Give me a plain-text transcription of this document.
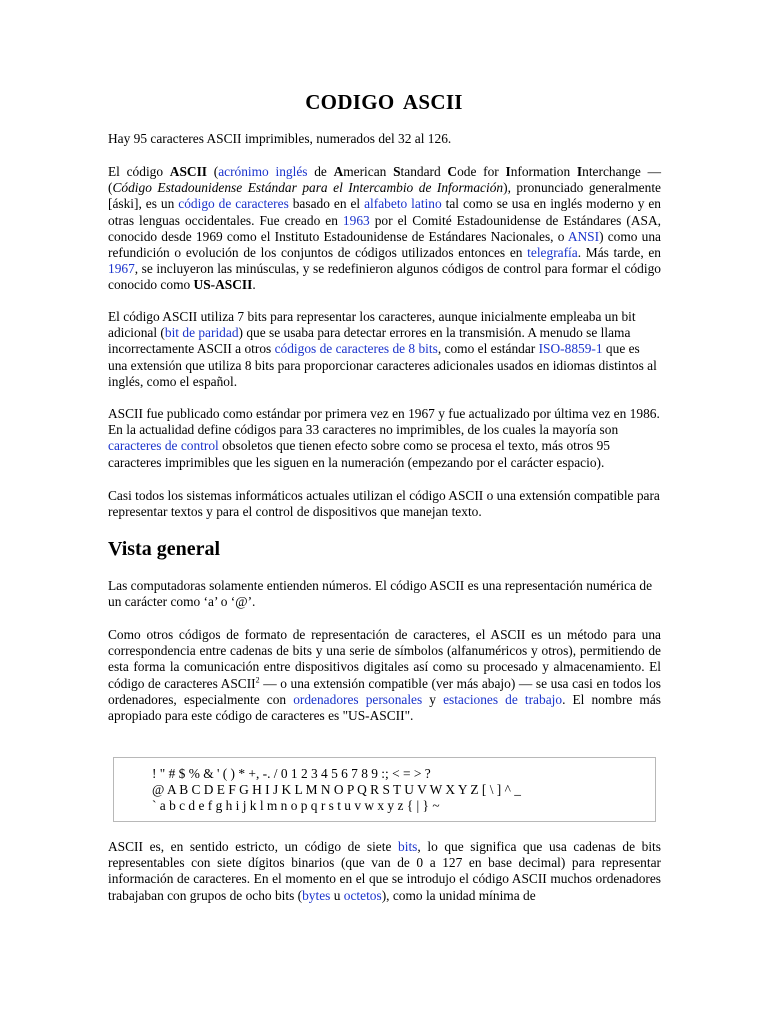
CODIGO ASCII

Hay 95 caracteres ASCII imprimibles, numerados del 32 al 126.

El código ASCII (acrónimo inglés de American Standard Code for Information Interchange — (Código Estadounidense Estándar para el Intercambio de Información), pronunciado generalmente [áski], es un código de caracteres basado en el alfabeto latino tal como se usa en inglés moderno y en otras lenguas occidentales. Fue creado en 1963 por el Comité Estadounidense de Estándares (ASA, conocido desde 1969 como el Instituto Estadounidense de Estándares Nacionales, o ANSI) como una refundición o evolución de los conjuntos de códigos utilizados entonces en telegrafía. Más tarde, en 1967, se incluyeron las minúsculas, y se redefinieron algunos códigos de control para formar el código conocido como US-ASCII.

El código ASCII utiliza 7 bits para representar los caracteres, aunque inicialmente empleaba un bit adicional (bit de paridad) que se usaba para detectar errores en la transmisión. A menudo se llama incorrectamente ASCII a otros códigos de caracteres de 8 bits, como el estándar ISO-8859-1 que es una extensión que utiliza 8 bits para proporcionar caracteres adicionales usados en idiomas distintos al inglés, como el español.

ASCII fue publicado como estándar por primera vez en 1967 y fue actualizado por última vez en 1986. En la actualidad define códigos para 33 caracteres no imprimibles, de los cuales la mayoría son caracteres de control obsoletos que tienen efecto sobre como se procesa el texto, más otros 95 caracteres imprimibles que les siguen en la numeración (empezando por el carácter espacio).

Casi todos los sistemas informáticos actuales utilizan el código ASCII o una extensión compatible para representar textos y para el control de dispositivos que manejan texto.

Vista general

Las computadoras solamente entienden números. El código ASCII es una representación numérica de un carácter como ‘a’ o ‘@’.

Como otros códigos de formato de representación de caracteres, el ASCII es un método para una correspondencia entre cadenas de bits y una serie de símbolos (alfanuméricos y otros), permitiendo de esta forma la comunicación entre dispositivos digitales así como su procesado y almacenamiento. El código de caracteres ASCII$^2$ — o una extensión compatible (ver más abajo) — se usa casi en todos los ordenadores, especialmente con ordenadores personales y estaciones de trabajo. El nombre más apropiado para este código de caracteres es "US-ASCII".

! " # $ % & ' ( ) * +, -. / 0 1 2 3 4 5 6 7 8 9 :; < = > ?

@ A B C D E F G H I J K L M N O P Q R S T U V W X Y Z [ \ ] ^ _

` a b c d e f g h i j k l m n o p q r s t u v w x y z { | } ~

ASCII es, en sentido estricto, un código de siete bits, lo que significa que usa cadenas de bits representables con siete dígitos binarios (que van de 0 a 127 en base decimal) para representar información de caracteres. En el momento en el que se introdujo el código ASCII muchos ordenadores trabajaban con grupos de ocho bits (bytes u octetos), como la unidad mínima de
